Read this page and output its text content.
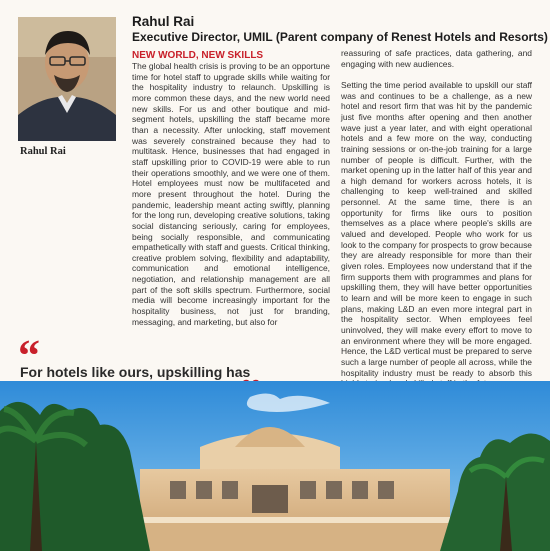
Rahul Rai
Rahul Rai
Executive Director, UMIL (Parent company of Renest Hotels and Resorts)
NEW WORLD, NEW SKILLS

The global health crisis is proving to be an opportune time for hotel staff to upgrade skills while waiting for the hospitality industry to relaunch. Upskilling is more common these days, and the new world need new skills. For us and other boutique and mid-segment hotels, upskilling the staff became more than a necessity. After unlocking, staff movement was severely constrained because they had to multitask. Hence, businesses that had engaged in staff upskilling prior to COVID-19 were able to run their operations smoothly, and we were one of them. Hotel employees must now be multifaceted and more present throughout the hotel. During the pandemic, leadership meant acting swiftly, planning for the long run, developing creative solutions, taking social distancing seriously, caring for employees, being socially responsible, and communicating empathetically with staff and guests. Critical thinking, creative problem solving, flexibility and adaptability, communication and emotional intelligence, negotiation, and relationship management are all part of the soft skills spectrum. Furthermore, social media will become increasingly important for the hospitality business, not just for branding, messaging, and marketing, but also for

reassuring of safe practices, data gathering, and engaging with new audiences.

Setting the time period available to upskill our staff was and continues to be a challenge, as a new hotel and resort firm that was hit by the pandemic just five months after opening and then another wave just a year later, and with eight operational hotels and a few more on the way, conducting training sessions or on-the-job training for a large number of people is difficult. Further, with the market opening up in the latter half of this year and a high demand for workers across hotels, it is challenging to keep well-trained and skilled personnel. At the same time, there is an opportunity for firms like ours to position themselves as a place where people's skills are valued and developed. People who work for us look to the company for prospects to grow because they are already responsible for more than their given roles. Employees now understand that if the firm supports them with programmes and plans for upskilling them, they will have better opportunities to learn and will be more keen to engage in such plans, making L&D an even more integral part in the hospitality sector. When employees feel uninvolved, they will make every effort to move to an environment where they will be more engaged. Hence, the L&D vertical must be prepared to serve such a large number of people all across, while the hospitality industry must be ready to absorb this

“
For hotels like ours, upskilling has
